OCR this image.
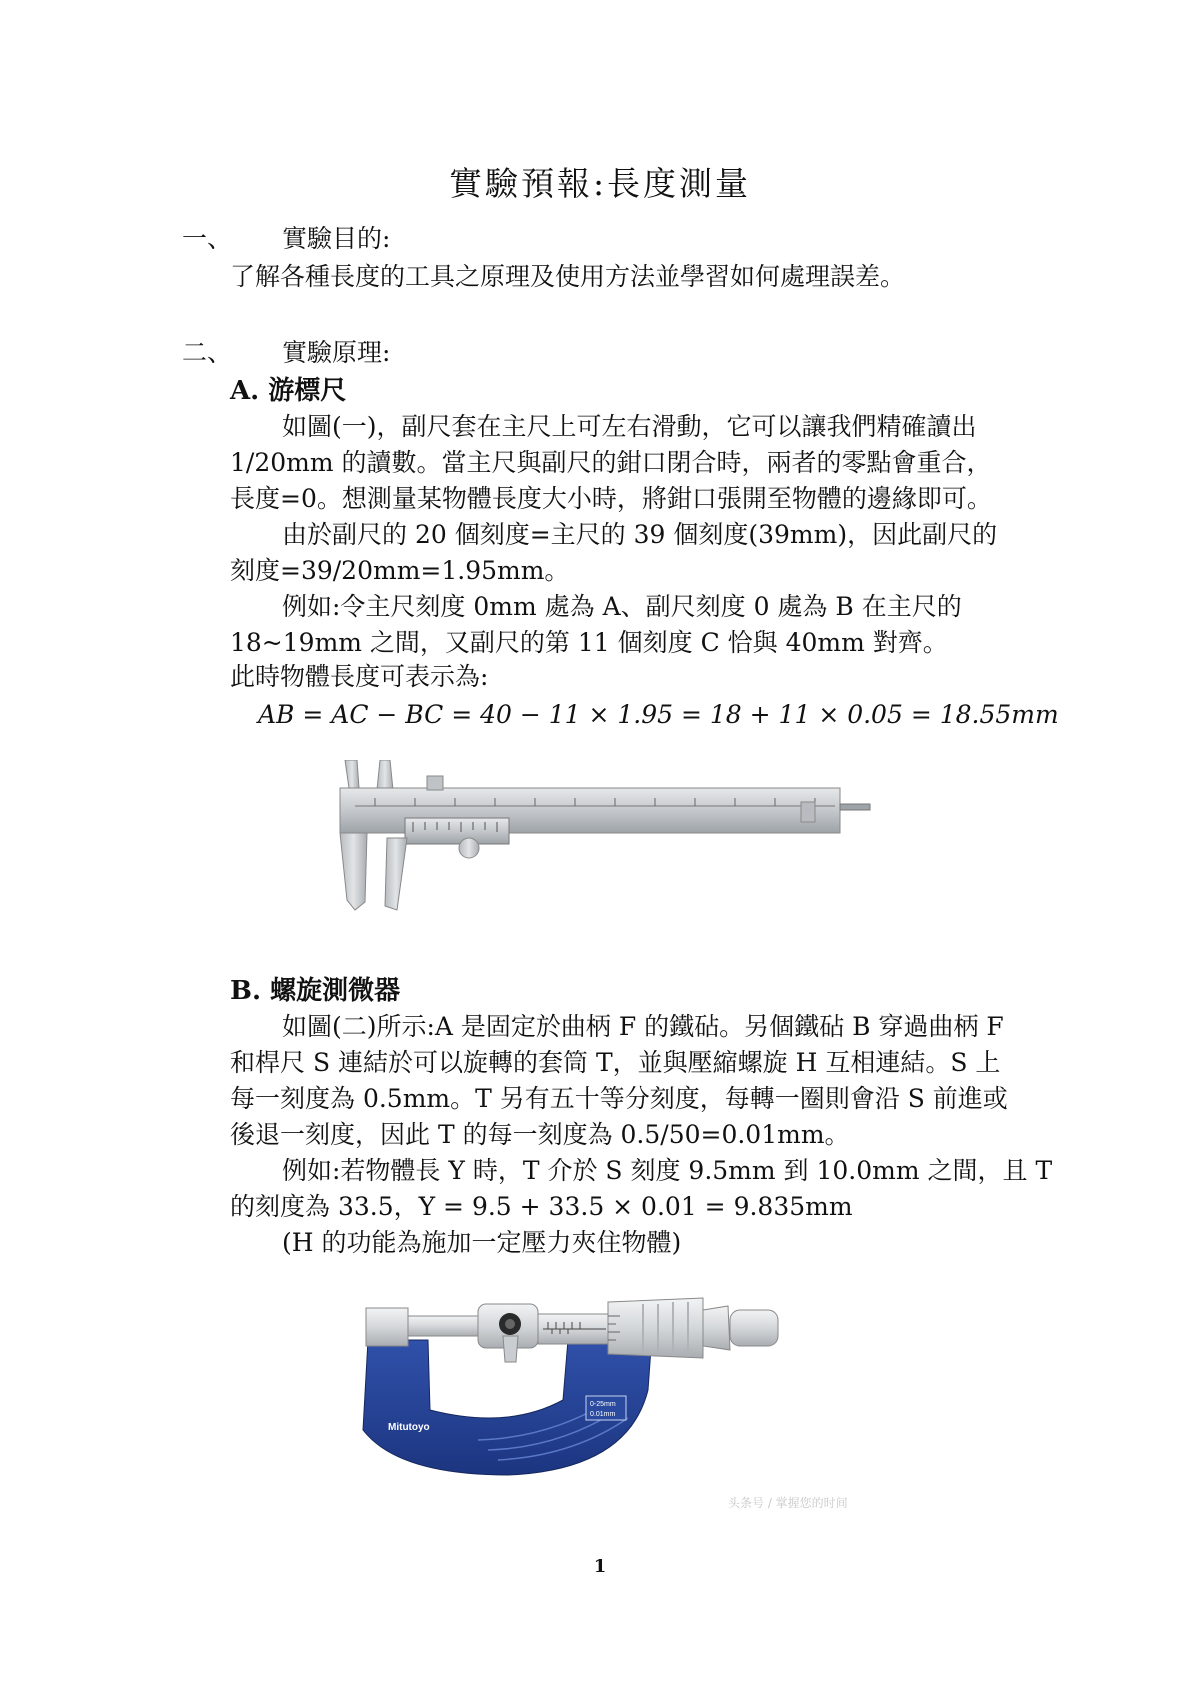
實驗預報:長度測量
一、 實驗目的:
了解各種長度的工具之原理及使用方法並學習如何處理誤差。
二、 實驗原理:
A. 游標尺
如圖(一)，副尺套在主尺上可左右滑動，它可以讓我們精確讀出
1/20mm 的讀數。當主尺與副尺的鉗口閉合時，兩者的零點會重合，
長度=0。想測量某物體長度大小時，將鉗口張開至物體的邊緣即可。
由於副尺的 20 個刻度=主尺的 39 個刻度(39mm)，因此副尺的
刻度=39/20mm=1.95mm。
例如:令主尺刻度 0mm 處為 A、副尺刻度 0 處為 B 在主尺的
18~19mm 之間，又副尺的第 11 個刻度 C 恰與 40mm 對齊。
此時物體長度可表示為:
AB = AC − BC = 40 − 11 × 1.95 = 18 + 11 × 0.05 = 18.55mm
B. 螺旋測微器
如圖(二)所示:A 是固定於曲柄 F 的鐵砧。另個鐵砧 B 穿過曲柄 F
和桿尺 S 連結於可以旋轉的套筒 T，並與壓縮螺旋 H 互相連結。S 上
每一刻度為 0.5mm。T 另有五十等分刻度，每轉一圈則會沿 S 前進或
後退一刻度，因此 T 的每一刻度為 0.5/50=0.01mm。
例如:若物體長 Y 時，T 介於 S 刻度 9.5mm 到 10.0mm 之間，且 T
的刻度為 33.5，Y = 9.5 + 33.5 × 0.01 = 9.835mm
(H 的功能為施加一定壓力夾住物體)
Mitutoyo
0-25mm
0.01mm
头条号 / 掌握您的时间
1
